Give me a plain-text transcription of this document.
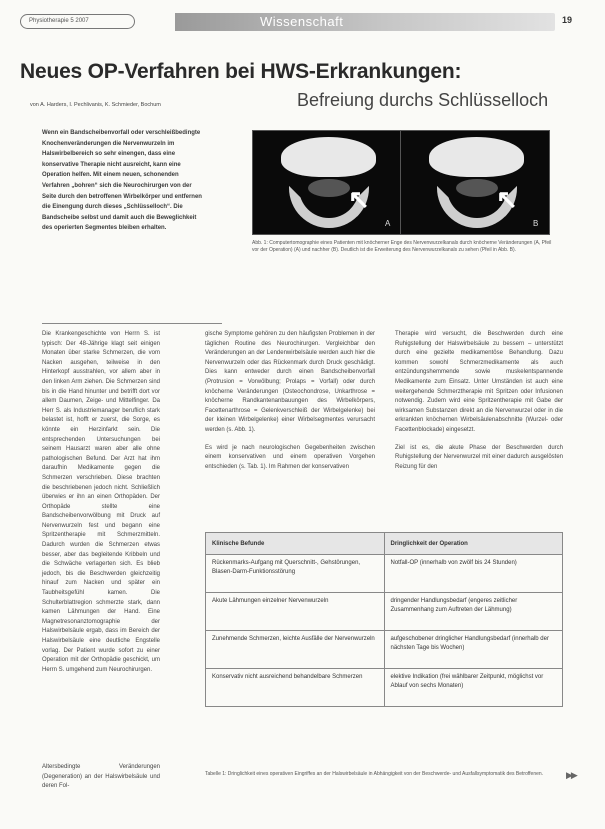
Physiotherapie 5 2007	Wissenschaft	19
Neues OP-Verfahren bei HWS-Erkrankungen:
von A. Harders, I. Pechlivanis, K. Schmieder, Bochum	Befreiung durchs Schlüsselloch
Wenn ein Bandscheibenvorfall oder verschleißbedingte Knochenveränderungen die Nervenwurzeln im Halswirbelbereich so sehr einengen, dass eine konservative Therapie nicht ausreicht, kann eine Operation helfen. Mit einem neuen, schonenden Verfahren „bohren“ sich die Neurochirurgen von der Seite durch den betroffenen Wirbelkörper und entfernen die Einengung durch dieses „Schlüsselloch“. Die Bandscheibe selbst und damit auch die Beweglichkeit des operierten Segmentes bleiben erhalten.
↖
A
↖
B
Abb. 1: Computertomographie eines Patienten mit knöcherner Enge des Nervenwurzelkanals durch knöcherne Veränderungen (A, Pfeil vor der Operation) (A) und nachher (B). Deutlich ist die Erweiterung des Nervenwurzelkanals zu sehen (Pfeil in Abb. B).

Die Krankengeschichte von Herrn S. ist typisch: Der 48-Jährige klagt seit einigen Monaten über starke Schmerzen, die vom Nacken ausgehen, teilweise in den Hinterkopf ausstrahlen, vor allem aber in den linken Arm ziehen. Die Schmerzen sind bis in die Hand hinunter und betrifft dort vor allem Daumen, Zeige- und Mittelfinger. Da Herr S. als Industriemanager beruflich stark belastet ist, hofft er zuerst, die Sorge, es könnte ein Herzinfarkt sein. Die entsprechenden Untersuchungen bei seinem Hausarzt waren aber alle ohne pathologischen Befund. Der Arzt hat ihm daraufhin Medikamente gegen die Schmerzen verschrieben. Diese brachten die beschriebenen jedoch nicht. Schließlich überwies er ihn an einen Orthopäden. Der Orthopäde stellte eine Bandscheibenvorwölbung mit Druck auf Nervenwurzeln fest und begann eine Spritzentherapie mit Schmerzmitteln. Dadurch wurden die Schmerzen etwas besser, aber das begleitende Kribbeln und die Schwäche verlagerten sich. Es blieb jedoch, bis die Beschwerden gleichzeitig hinauf zum Nacken und später ein Taubheitsgefühl kamen. Die Schulterblattregion schmerzte stark, dann kamen Lähmungen der Hand. Eine Magnetresonanztomographie der Halswirbelsäule ergab, dass im Bereich der Halswirbelsäule eine deutliche Engstelle vorlag. Der Patient wurde sofort zu einer Operation mit der Orthopädie geschickt, um Herrn S. umgehend zum Neurochirurgen.

Altersbedingte Veränderungen (Degeneration) an der Halswirbelsäule und deren Fol-

gische Symptome gehören zu den häufigsten Problemen in der täglichen Routine des Neurochirurgen. Vergleichbar den Veränderungen an der Lendenwirbelsäule werden auch hier die Nervenwurzeln oder das Rückenmark durch Druck geschädigt. Dies kann entweder durch einen Bandscheibenvorfall (Protrusion = Vorwölbung; Prolaps = Vorfall) oder durch knöcherne Veränderungen (Osteochondrose, Unkarthrose = knöcherne Randkantenanbauungen des Wirbelkörpers, Facettenarthrose = Gelenkverschleiß der Wirbelgelenke) bei der kleinen Wirbelgelenke) einer Wirbelsegmentes verursacht werden (s. Abb. 1).

Es wird je nach neurologischen Gegebenheiten zwischen einem konservativen und einem operativen Vorgehen entschieden (s. Tab. 1). Im Rahmen der konservativen

Therapie wird versucht, die Beschwerden durch eine Ruhigstellung der Halswirbelsäule zu bessern – unterstützt durch eine gezielte medikamentöse Behandlung. Dazu kommen sowohl Schmerzmedikamente als auch entzündungshemmende sowie muskelentspannende Medikamente zum Einsatz. Unter Umständen ist auch eine weitergehende Schmerztherapie mit Spritzen oder Infusionen notwendig. Zudem wird eine Spritzentherapie mit Gabe der wirksamen Substanzen direkt an die Nervenwurzel oder in die erkrankten knöchernen Wirbelsäulenabschnitte (Wurzel- oder Facettenblockade) eingesetzt.

Ziel ist es, die akute Phase der Beschwerden durch Ruhigstellung der Nervenwurzel mit einer dadurch ausgelösten Reizung für den

Klinische Befunde	Dringlichkeit der Operation
Rückenmarks-Aufgang mit Querschnitt-, Gehstörungen, Blasen-Darm-Funktionsstörung	Notfall-OP (innerhalb von zwölf bis 24 Stunden)
Akute Lähmungen einzelner Nervenwurzeln	dringender Handlungsbedarf (engeres zeitlicher Zusammenhang zum Auftreten der Lähmung)
Zunehmende Schmerzen, leichte Ausfälle der Nervenwurzeln	aufgeschobener dringlicher Handlungsbedarf (innerhalb der nächsten Tage bis Wochen)
Konservativ nicht ausreichend behandelbare Schmerzen	elektive Indikation (frei wählbarer Zeitpunkt, möglichst vor Ablauf von sechs Monaten)
Tabelle 1: Dringlichkeit eines operativen Eingriffes an der Halswirbelsäule in Abhängigkeit von der Beschwerde- und Ausfallsymptomatik des Betroffenen.	▶▶
